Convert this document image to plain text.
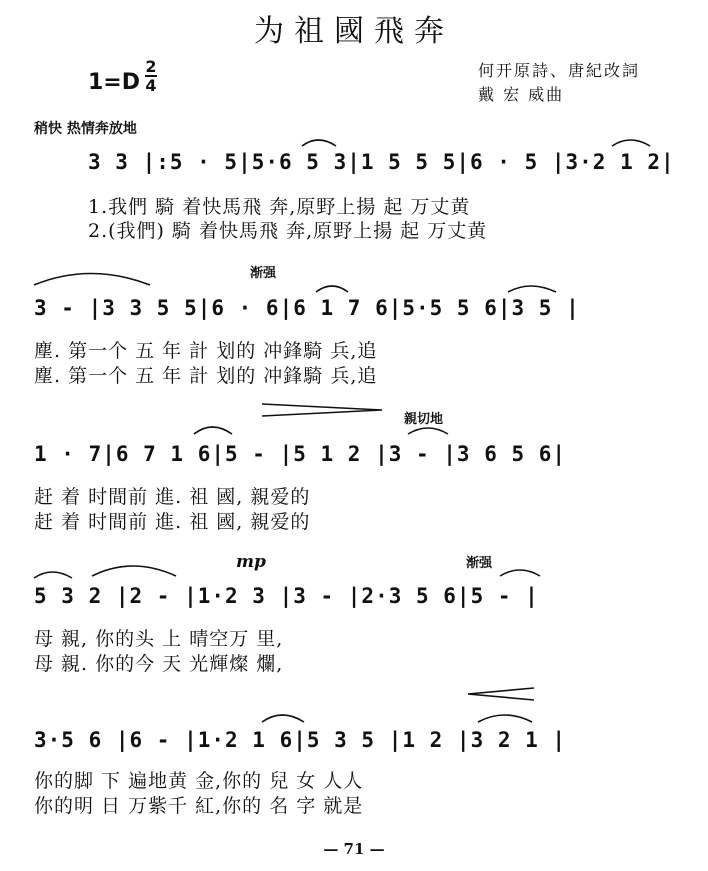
为祖國飛奔
1=D
2
4
何开原詩、唐紀改詞
戴 宏 威曲
稍快 热情奔放地
3 3 |:5 · 5|5·6 5 3|1 5 5 5|6 · 5 |3·2 1 2|
1.我們 騎 着快馬飛 奔,原野上揚 起 万丈黄
2.(我們) 騎 着快馬飛 奔,原野上揚 起 万丈黄
渐强
3 - |3 3 5 5|6 · 6|6 1 7 6|5·5 5 6|3 5 |
塵. 第一个 五 年 計 划的 冲鋒騎 兵,追
塵. 第一个 五 年 計 划的 冲鋒騎 兵,追
親切地
1 · 7|6 7 1 6|5 - |5 1 2 |3 - |3 6 5 6|
赶 着 时間前 進. 祖 國, 親爱的
赶 着 时間前 進. 祖 國, 親爱的
mp	渐强
5 3 2 |2 - |1·2 3 |3 - |2·3 5 6|5 - |
母 親, 你的头 上 晴空万 里,
母 親. 你的今 天 光輝燦 爛,
3·5 6 |6 - |1·2 1 6|5 3 5 |1 2 |3 2 1 |
你的脚 下 遍地黄 金,你的 兒 女 人人
你的明 日 万紫千 紅,你的 名 字 就是
— 71 —
